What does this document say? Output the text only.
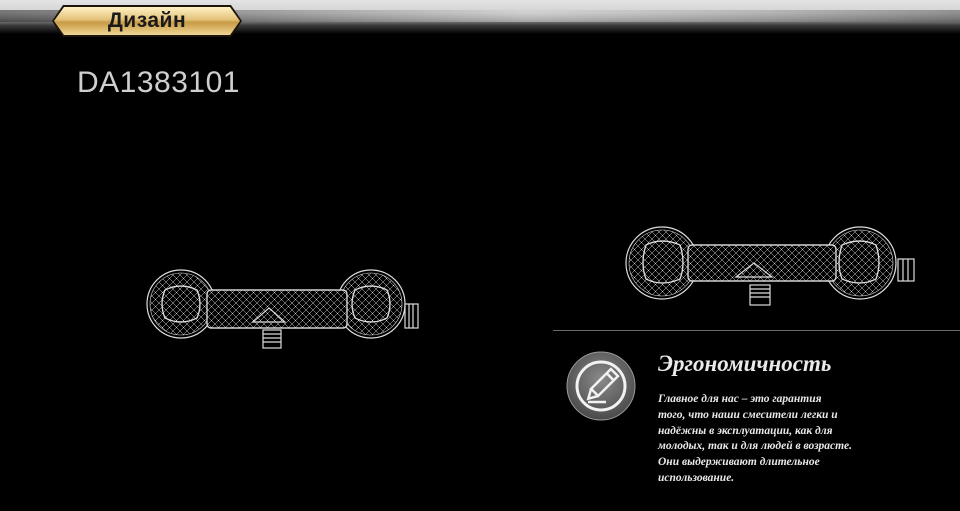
Дизайн
DA1383101
Эргономичность
Главное для нас – это гарантия
того, что наши смесители легки и
надёжны в эксплуатации, как для
молодых, так и для людей в возрасте.
Они выдерживают длительное
использование.
